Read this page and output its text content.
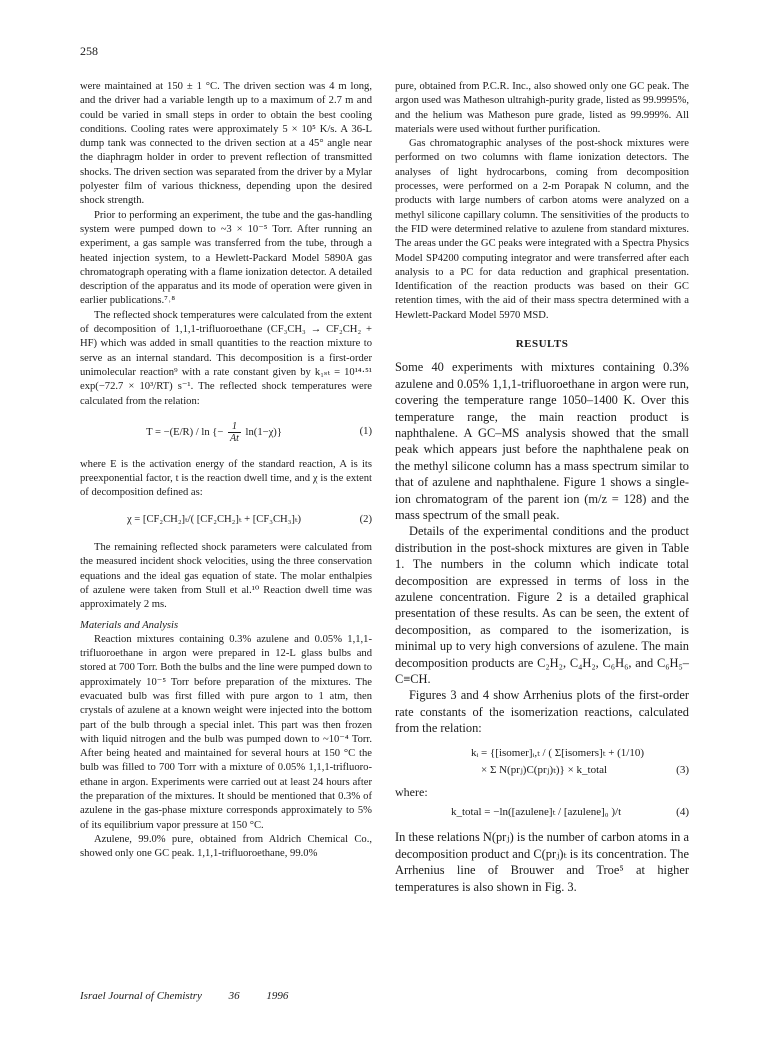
258

were maintained at 150 ± 1 °C. The driven section was 4 m long, and the driver had a variable length up to a maximum of 2.7 m and could be varied in small steps in order to obtain the best cooling conditions. Cooling rates were approximately 5 × 10⁵ K/s. A 36-L dump tank was connected to the driven section at a 45° angle near the diaphragm holder in order to prevent reflection of transmitted shocks. The driven section was separated from the driver by a Mylar polyester film of various thickness, depending upon the desired shock strength.

Prior to performing an experiment, the tube and the gas-handling system were pumped down to ~3 × 10⁻⁵ Torr. After running an experiment, a gas sample was transferred from the tube, through a heated injection system, to a Hewlett-Packard Model 5890A gas chromatograph operating with a flame ionization detector. A detailed description of the apparatus and its mode of operation were given in earlier publications.⁷˒⁸

The reflected shock temperatures were calculated from the extent of decomposition of 1,1,1-trifluoroethane (CF₃CH₃ → CF₂CH₂ + HF) which was added in small quantities to the reaction mixture to serve as an internal standard. This decomposition is a first-order unimolecular reaction⁹ with a rate constant given by k₁ₛₜ = 10¹⁴·⁵¹ exp(−72.7 × 10³/RT) s⁻¹. The reflected shock temperatures were calculated from the relation:

T = −(E/R) / ln {− $\frac{1}{At} \ln(1-\chi)$}	(1)

where E is the activation energy of the standard reaction, A is its preexponential factor, t is the reaction dwell time, and χ is the extent of decomposition defined as:

χ = [CF₂CH₂]ₜ/( [CF₂CH₂]ₜ + [CF₃CH₃]ₜ)	(2)

The remaining reflected shock parameters were calculated from the measured incident shock velocities, using the three conservation equations and the ideal gas equation of state. The molar enthalpies of azulene were taken from Stull et al.¹⁰ Reaction dwell time was approximately 2 ms.

Materials and Analysis

Reaction mixtures containing 0.3% azulene and 0.05% 1,1,1-trifluoroethane in argon were prepared in 12-L glass bulbs and stored at 700 Torr. Both the bulbs and the line were pumped down to approximately 10⁻⁵ Torr before preparation of the mixtures. The evacuated bulb was first filled with pure argon to 1 atm, then crystals of azulene at a known weight were injected into the bottom part of the bulb through a special inlet. This part was then frozen with liquid nitrogen and the bulb was pumped down to ~10⁻⁴ Torr. After being heated and maintained for several hours at 150 °C the bulb was filled to 700 Torr with a mixture of 0.05% 1,1,1-trifluoro-ethane in argon. Experiments were carried out at least 24 hours after the preparation of the mixtures. It should be mentioned that 0.3% of azulene in the gas-phase mixture corresponds approximately to 5% of its equilibrium vapor pressure at 150 °C.

Azulene, 99.0% pure, obtained from Aldrich Chemical Co., showed only one GC peak. 1,1,1-trifluoroethane, 99.0%

pure, obtained from P.C.R. Inc., also showed only one GC peak. The argon used was Matheson ultrahigh-purity grade, listed as 99.9995%, and the helium was Matheson pure grade, listed as 99.999%. All materials were used without further purification.

Gas chromatographic analyses of the post-shock mixtures were performed on two columns with flame ionization detectors. The analyses of light hydrocarbons, coming from decomposition processes, were performed on a 2-m Porapak N column, and the products with large numbers of carbon atoms were analyzed on a methyl silicone capillary column. The sensitivities of the products to the FID were determined relative to azulene from standard mixtures. The areas under the GC peaks were integrated with a Spectra Physics Model SP4200 computing integrator and were transferred after each analysis to a PC for data reduction and graphical presentation. Identification of the reaction products was based on their GC retention times, with the aid of their mass spectra determined with a Hewlett-Packard Model 5970 MSD.

RESULTS

Some 40 experiments with mixtures containing 0.3% azulene and 0.05% 1,1,1-trifluoroethane in argon were run, covering the temperature range 1050–1400 K. Over this temperature range, the main reaction product is naphthalene. A GC–MS analysis showed that the small peak which appears just before the naphthalene peak on the methyl silicone column has a mass spectrum similar to that of azulene and naphthalene. Figure 1 shows a single-ion chromatogram of the parent ion (m/z = 128) and the mass spectrum of the small peak.

Details of the experimental conditions and the product distribution in the post-shock mixtures are given in Table 1. The numbers in the column which indicate total decomposition are expressed in terms of loss in the azulene concentration. Figure 2 is a detailed graphical presentation of these results. As can be seen, the extent of decomposition, as compared to the isomerization, is minimal up to very high conversions of azulene. The main decomposition products are C₂H₂, C₄H₂, C₆H₆, and C₆H₅–C≡CH.

Figures 3 and 4 show Arrhenius plots of the first-order rate constants of the isomerization reactions, calculated from the relation:

kᵢ = {[isomer]ᵢ,ₜ / ( Σ[isomers]ₜ + (1/10)
× Σ N(prⱼ)C(prⱼ)ₜ)} × k_total	(3)
where:
k_total = −ln([azulene]ₜ / [azulene]₀ )/t	(4)

In these relations N(prⱼ) is the number of carbon atoms in a decomposition product and C(prⱼ)ₜ is its concentration. The Arrhenius line of Brouwer and Troe⁵ at higher temperatures is also shown in Fig. 3.

Israel Journal of Chemistry 36 1996
